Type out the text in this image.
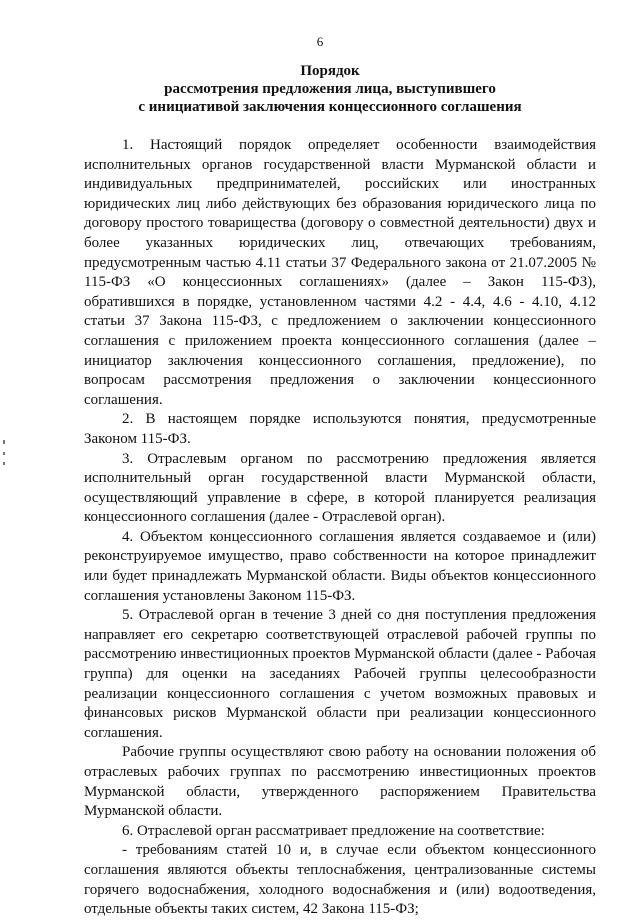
6
Порядок
рассмотрения предложения лица, выступившего
с инициативой заключения концессионного соглашения

1. Настоящий порядок определяет особенности взаимодействия исполнительных органов государственной власти Мурманской области и индивидуальных предпринимателей, российских или иностранных юридических лиц либо действующих без образования юридического лица по договору простого товарищества (договору о совместной деятельности) двух и более указанных юридических лиц, отвечающих требованиям, предусмотренным частью 4.11 статьи 37 Федерального закона от 21.07.2005 № 115-ФЗ «О концессионных соглашениях» (далее – Закон 115-ФЗ), обратившихся в порядке, установленном частями 4.2 - 4.4, 4.6 - 4.10, 4.12 статьи 37 Закона 115-ФЗ, с предложением о заключении концессионного соглашения с приложением проекта концессионного соглашения (далее – инициатор заключения концессионного соглашения, предложение), по вопросам рассмотрения предложения о заключении концессионного соглашения.

2. В настоящем порядке используются понятия, предусмотренные Законом 115-ФЗ.

3. Отраслевым органом по рассмотрению предложения является исполнительный орган государственной власти Мурманской области, осуществляющий управление в сфере, в которой планируется реализация концессионного соглашения (далее - Отраслевой орган).

4. Объектом концессионного соглашения является создаваемое и (или) реконструируемое имущество, право собственности на которое принадлежит или будет принадлежать Мурманской области. Виды объектов концессионного соглашения установлены Законом 115-ФЗ.

5. Отраслевой орган в течение 3 дней со дня поступления предложения направляет его секретарю соответствующей отраслевой рабочей группы по рассмотрению инвестиционных проектов Мурманской области (далее - Рабочая группа) для оценки на заседаниях Рабочей группы целесообразности реализации концессионного соглашения с учетом возможных правовых и финансовых рисков Мурманской области при реализации концессионного соглашения.

Рабочие группы осуществляют свою работу на основании положения об отраслевых рабочих группах по рассмотрению инвестиционных проектов Мурманской области, утвержденного распоряжением Правительства Мурманской области.

6. Отраслевой орган рассматривает предложение на соответствие:

- требованиям статей 10 и, в случае если объектом концессионного соглашения являются объекты теплоснабжения, централизованные системы горячего водоснабжения, холодного водоснабжения и (или) водоотведения, отдельные объекты таких систем, 42 Закона 115-ФЗ;
